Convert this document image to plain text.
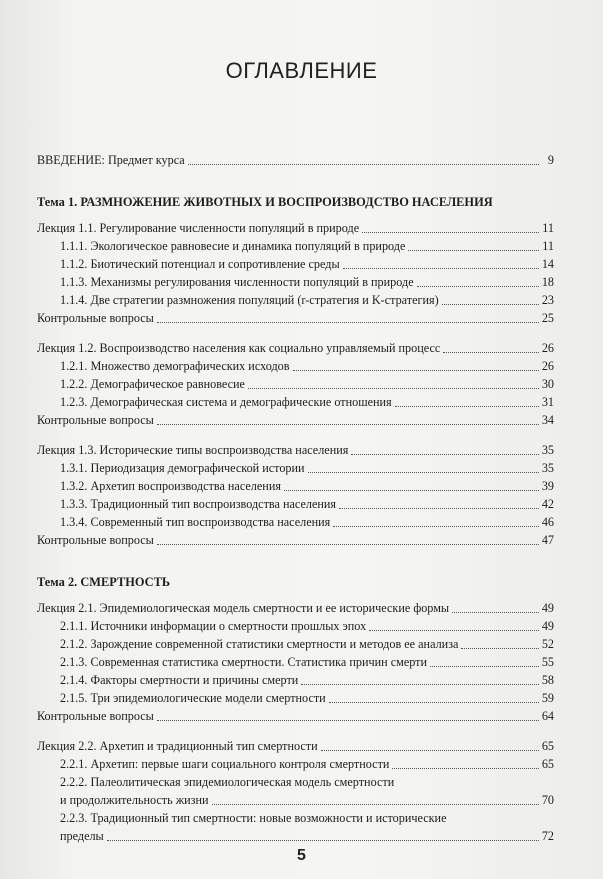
ОГЛАВЛЕНИЕ
ВВЕДЕНИЕ: Предмет курса	9
Тема 1. РАЗМНОЖЕНИЕ ЖИВОТНЫХ И ВОСПРОИЗВОДСТВО НАСЕЛЕНИЯ
Лекция 1.1. Регулирование численности популяций в природе	11
1.1.1. Экологическое равновесие и динамика популяций в природе	11
1.1.2. Биотический потенциал и сопротивление среды	14
1.1.3. Механизмы регулирования численности популяций в природе	18
1.1.4. Две стратегии размножения популяций (r-стратегия и K-стратегия)	23
Контрольные вопросы	25
Лекция 1.2. Воспроизводство населения как социально управляемый процесс	26
1.2.1. Множество демографических исходов	26
1.2.2. Демографическое равновесие	30
1.2.3. Демографическая система и демографические отношения	31
Контрольные вопросы	34
Лекция 1.3. Исторические типы воспроизводства населения	35
1.3.1. Периодизация демографической истории	35
1.3.2. Архетип воспроизводства населения	39
1.3.3. Традиционный тип воспроизводства населения	42
1.3.4. Современный тип воспроизводства населения	46
Контрольные вопросы	47
Тема 2. СМЕРТНОСТЬ
Лекция 2.1. Эпидемиологическая модель смертности и ее исторические формы	49
2.1.1. Источники информации о смертности прошлых эпох	49
2.1.2. Зарождение современной статистики смертности и методов ее анализа	52
2.1.3. Современная статистика смертности. Статистика причин смерти	55
2.1.4. Факторы смертности и причины смерти	58
2.1.5. Три эпидемиологические модели смертности	59
Контрольные вопросы	64
Лекция 2.2. Архетип и традиционный тип смертности	65
2.2.1. Архетип: первые шаги социального контроля смертности	65
2.2.2. Палеолитическая эпидемиологическая модель смертности
и продолжительность жизни	70
2.2.3. Традиционный тип смертности: новые возможности и исторические
пределы	72
5
